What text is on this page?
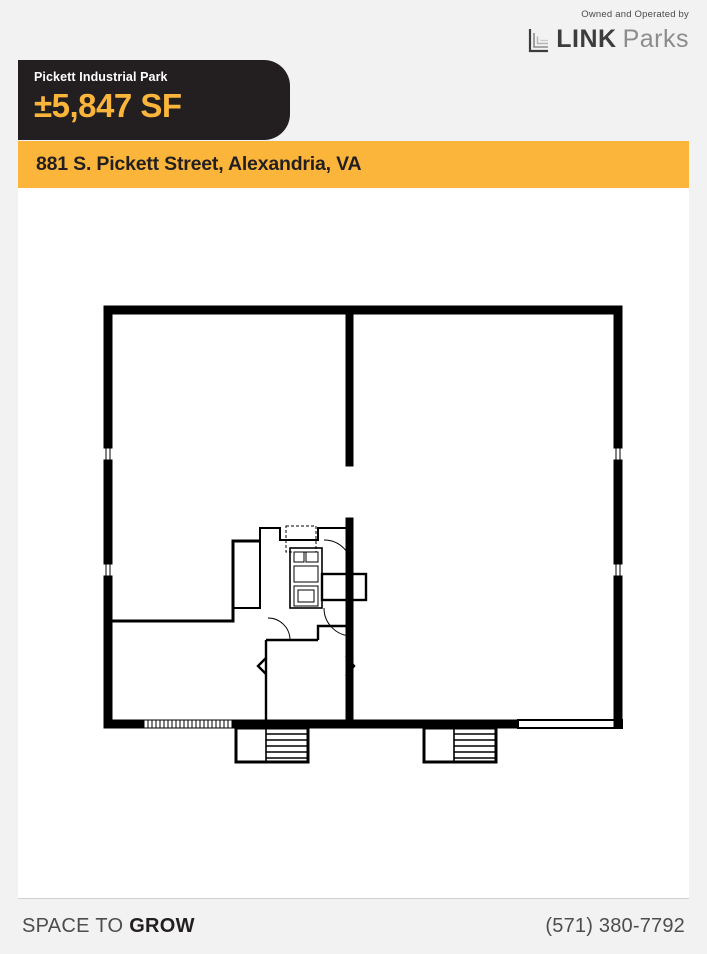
Owned and Operated by
LINK Parks
Pickett Industrial Park
±5,847 SF
881 S. Pickett Street, Alexandria, VA
SPACE TO GROW	(571) 380-7792
